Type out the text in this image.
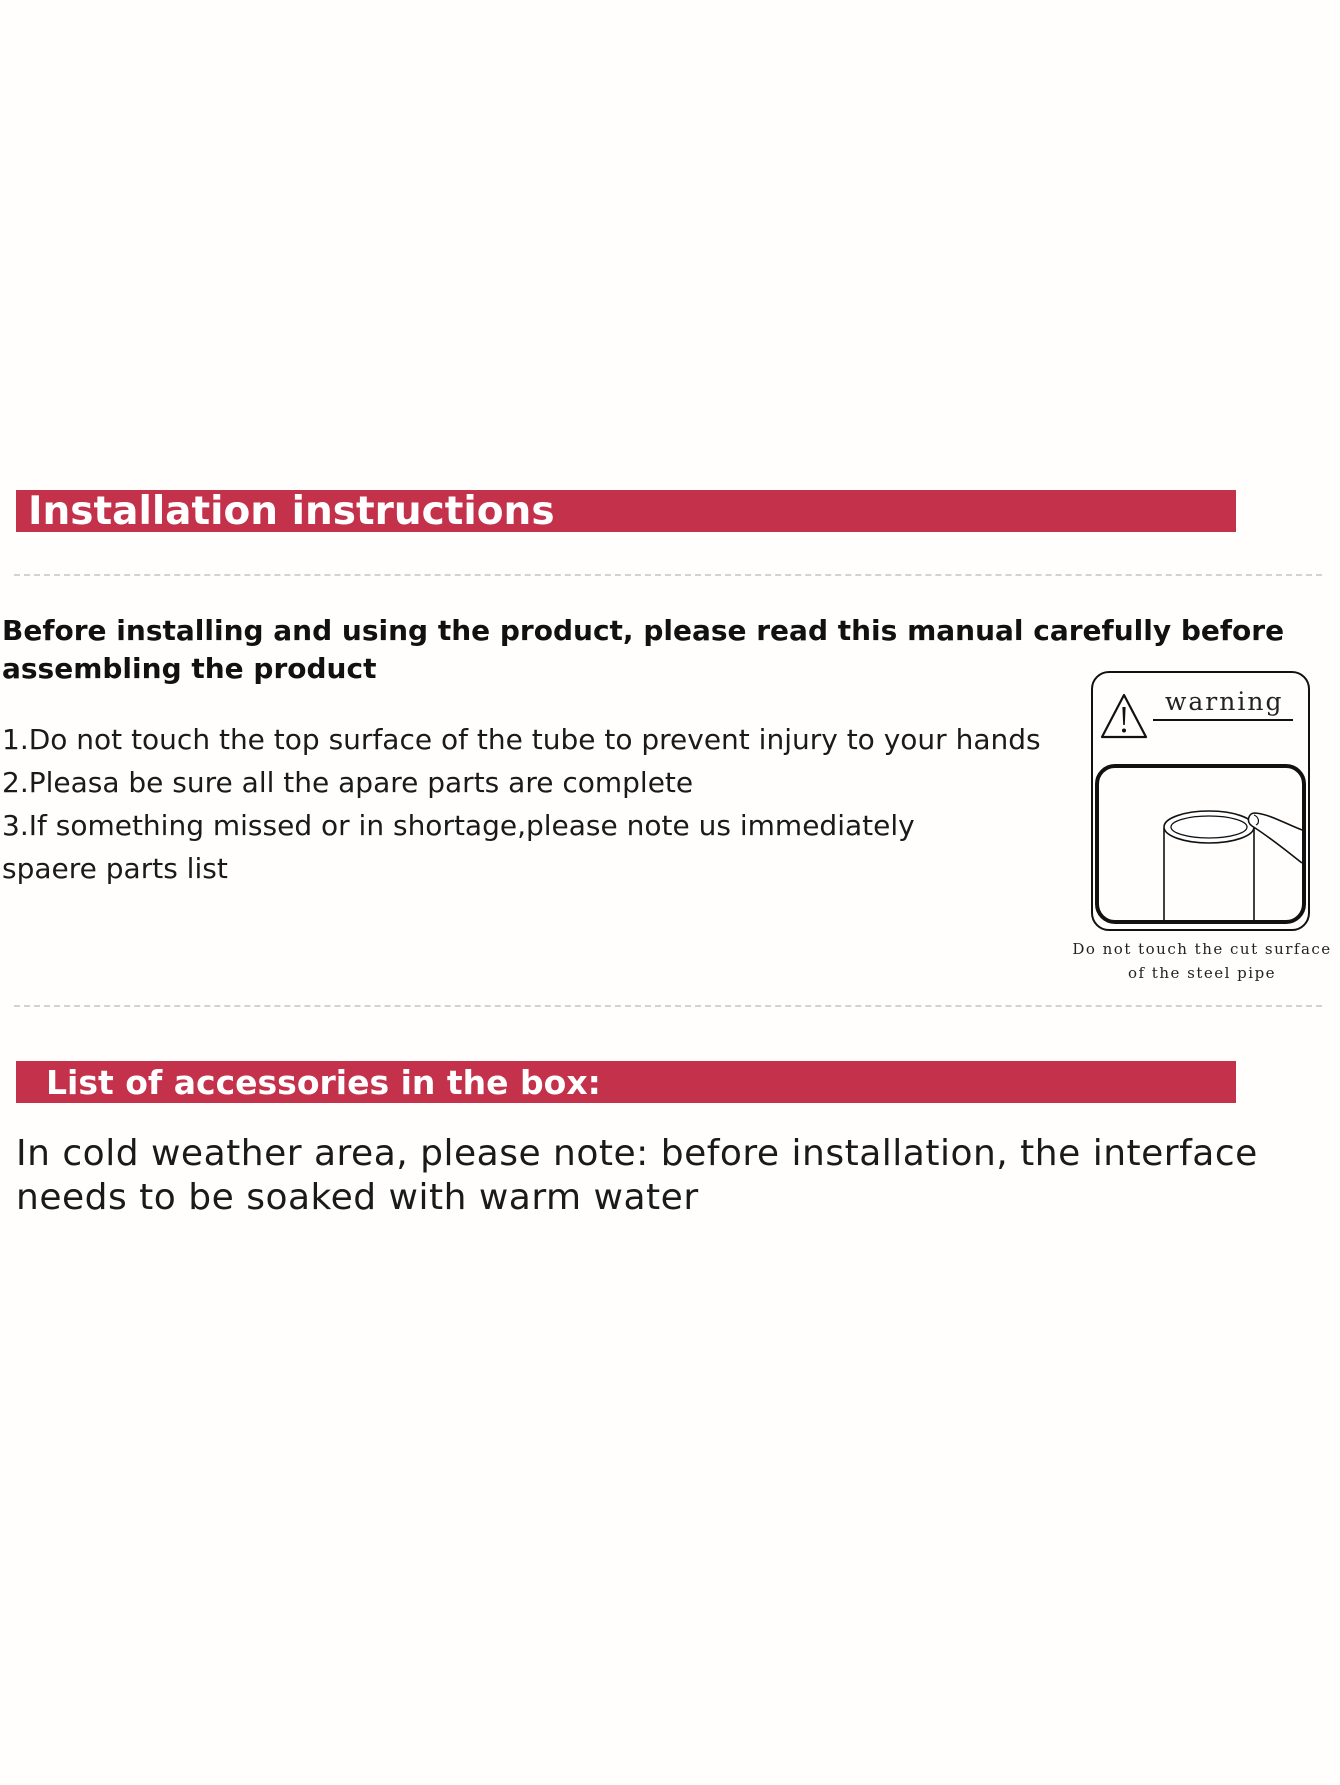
Installation instructions

Before installing and using the product, please read this manual carefully before assembling the product

1.Do not touch the top surface of the tube to prevent injury to your hands
2.Pleasa be sure all the apare parts are complete
3.If something missed or in shortage,please note us immediately
spaere parts list
warning
Do not touch the cut surface
of the steel pipe
List of accessories in the box:

In cold weather area, please note: before installation, the interface needs to be soaked with warm water
